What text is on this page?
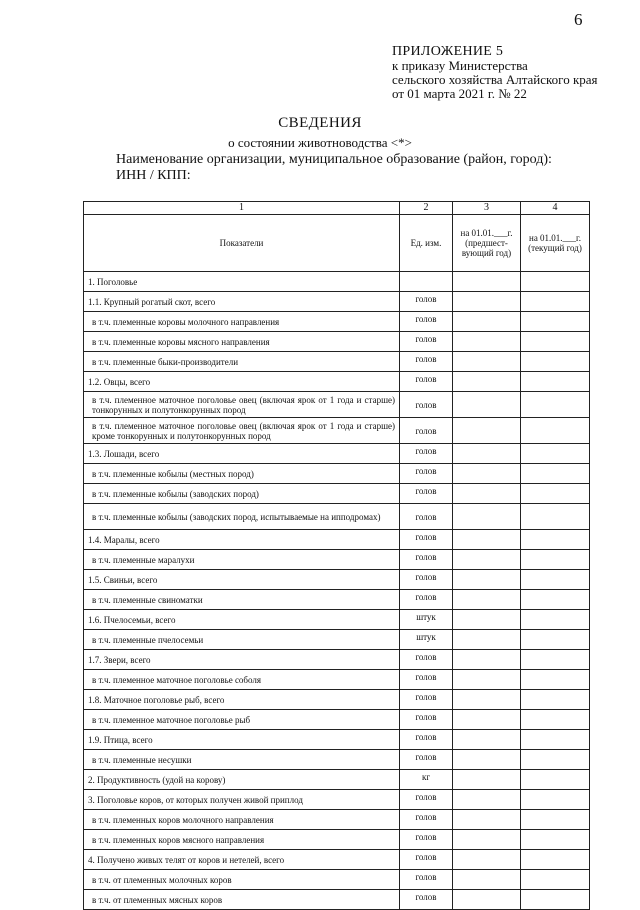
6
ПРИЛОЖЕНИЕ 5
к приказу Министерства
сельского хозяйства Алтайского края
от 01 марта 2021 г. № 22
СВЕДЕНИЯ
о состоянии животноводства <*>
Наименование организации, муниципальное образование (район, город):
ИНН / КПП:
1	2	3	4
Показатели	Ед. изм.	на 01.01.___г. (предшест-вующий год)	на 01.01.___г. (текущий год)
1. Поголовье			
1.1. Крупный рогатый скот, всего	голов		
в т.ч. племенные коровы молочного направления	голов		
в т.ч. племенные коровы мясного направления	голов		
в т.ч. племенные быки-производители	голов		
1.2. Овцы, всего	голов		
в т.ч. племенное маточное поголовье овец (включая ярок от 1 года и старше) тонкорунных и полутонкорунных пород	голов		
в т.ч. племенное маточное поголовье овец (включая ярок от 1 года и старше) кроме тонкорунных и полутонкорунных пород	голов		
1.3. Лошади, всего	голов		
в т.ч. племенные кобылы (местных пород)	голов		
в т.ч. племенные кобылы (заводских пород)	голов		
в т.ч. племенные кобылы (заводских пород, испытываемые на ипподромах)	голов		
1.4. Маралы, всего	голов		
в т.ч. племенные маралухи	голов		
1.5. Свиньи, всего	голов		
в т.ч. племенные свиноматки	голов		
1.6. Пчелосемьи, всего	штук		
в т.ч. племенные пчелосемьи	штук		
1.7. Звери, всего	голов		
в т.ч. племенное маточное поголовье соболя	голов		
1.8. Маточное поголовье рыб, всего	голов		
в т.ч. племенное маточное поголовье рыб	голов		
1.9. Птица, всего	голов		
в т.ч. племенные несушки	голов		
2. Продуктивность (удой на корову)	кг		
3. Поголовье коров, от которых получен живой приплод	голов		
в т.ч. племенных коров молочного направления	голов		
в т.ч. племенных коров мясного направления	голов		
4. Получено живых телят от коров и нетелей, всего	голов		
в т.ч. от племенных молочных коров	голов		
в т.ч. от племенных мясных коров	голов		
